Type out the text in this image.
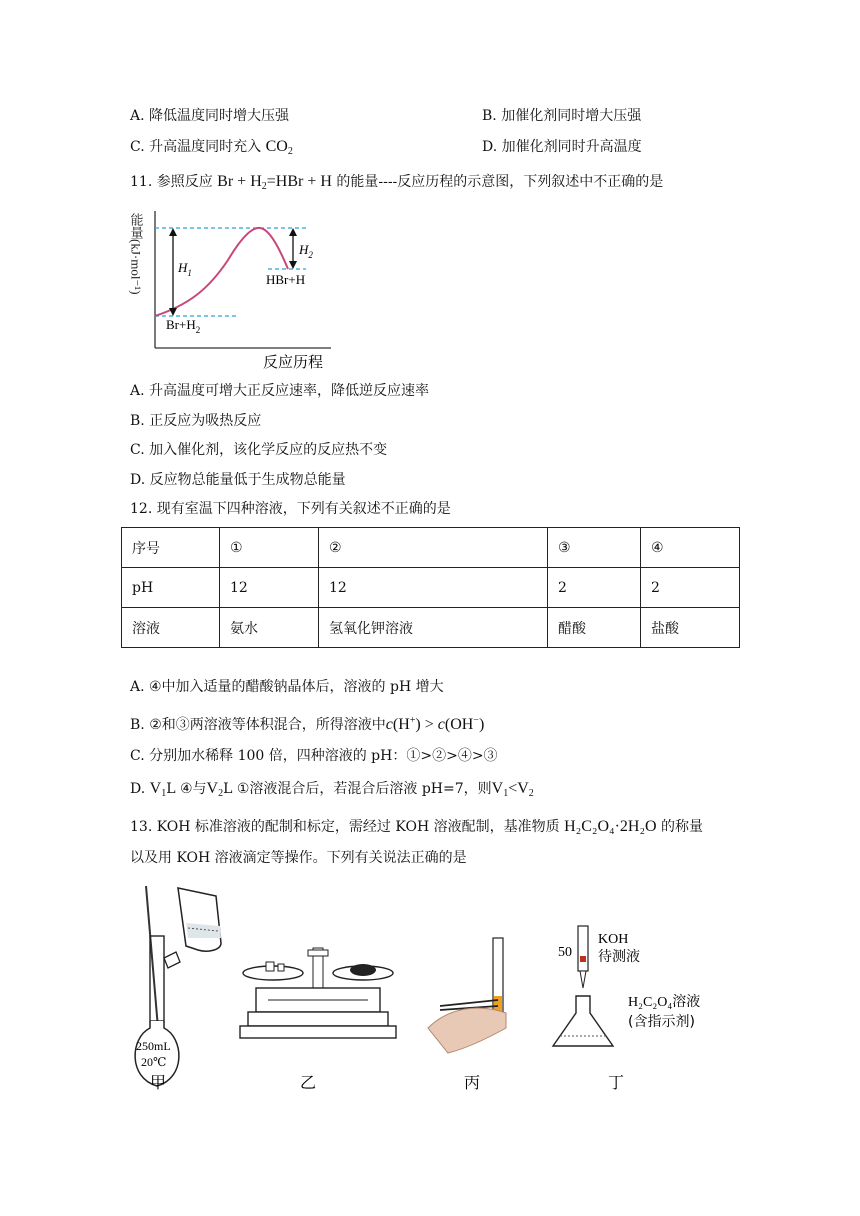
A. 降低温度同时增大压强	B. 加催化剂同时增大压强
C. 升高温度同时充入 $CO_2$	D. 加催化剂同时升高温度
11. 参照反应 $Br + H_2=HBr + H$ 的能量----反应历程的示意图，下列叙述中不正确的是
能量(kJ·mol⁻¹)	$H_1$
$H_2$
HBr+H
$Br+H_2$
反应历程
A. 升高温度可增大正反应速率，降低逆反应速率
B. 正反应为吸热反应
C. 加入催化剂，该化学反应的反应热不变
D. 反应物总能量低于生成物总能量
12. 现有室温下四种溶液，下列有关叙述不正确的是
序号	①	②	③	④
pH	12	12	2	2
溶液	氨水	氢氧化钾溶液	醋酸	盐酸
A. ④中加入适量的醋酸钠晶体后，溶液的 pH 增大
B. ②和③两溶液等体积混合，所得溶液中c(H+) > c(OH−)
C. 分别加水稀释 100 倍，四种溶液的 pH：①>②>④>③
D. $V_1L$ ④与$V_2L$ ①溶液混合后，若混合后溶液 pH=7，则$V_1<V_2$
13. KOH 标准溶液的配制和标定，需经过 KOH 溶液配制，基准物质 H₂C₂O₄·2H₂O 的称量
以及用 KOH 溶液滴定等操作。下列有关说法正确的是
250mL
20℃
甲	乙	丙
50
KOH
待测液
H₂C₂O₄溶液
(含指示剂)
丁
